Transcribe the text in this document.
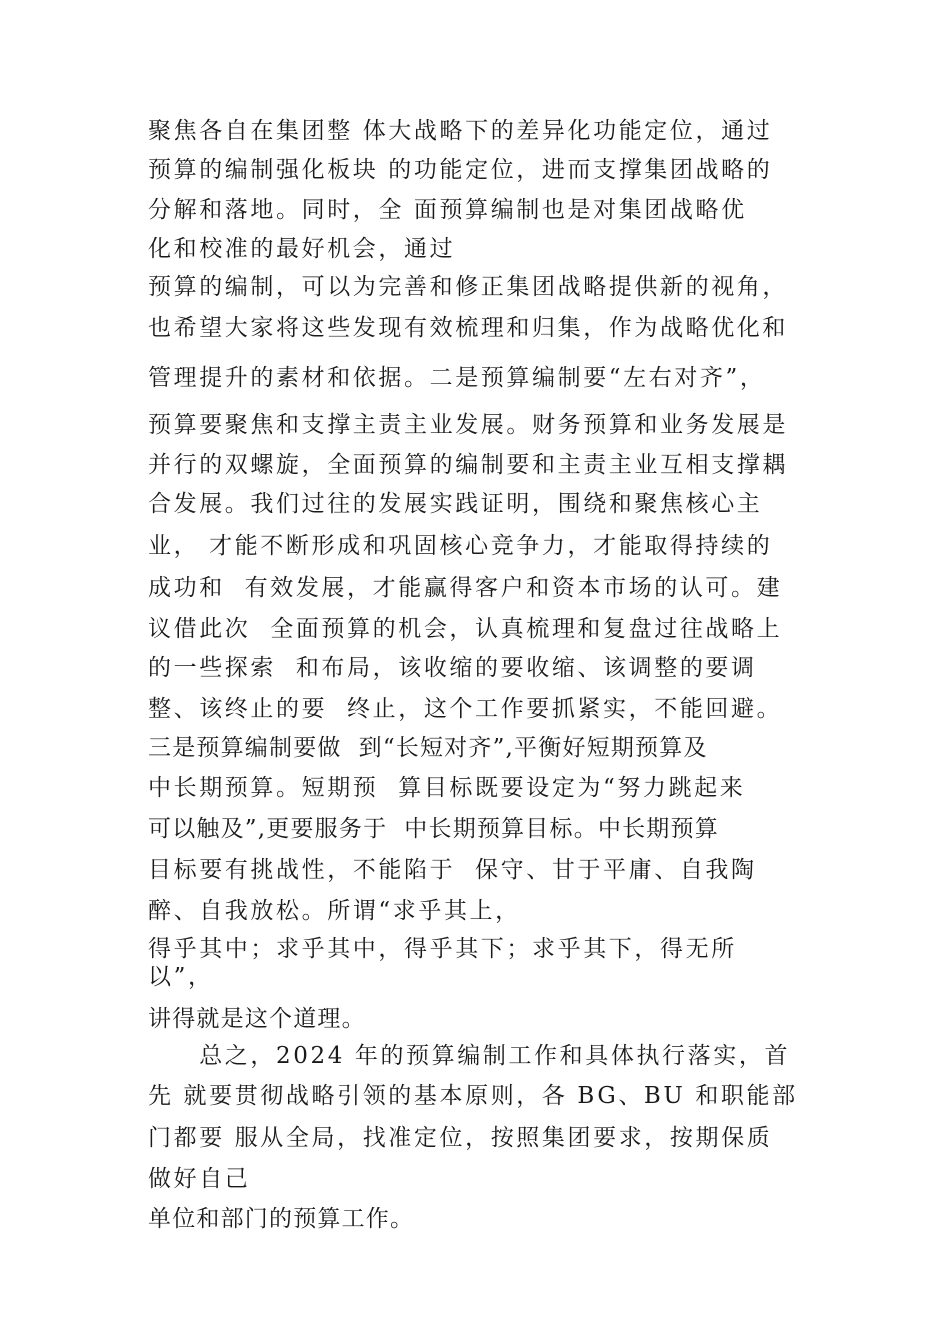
聚焦各自在集团整 体大战略下的差异化功能定位，通过
预算的编制强化板块 的功能定位，进而支撑集团战略的
分解和落地。同时，全 面预算编制也是对集团战略优
化和校准的最好机会，通过
预算的编制，可以为完善和修正集团战略提供新的视角，
也希望大家将这些发现有效梳理和归集，作为战略优化和
管理提升的素材和依据。二是预算编制要“左右对齐”，
预算要聚焦和支撑主责主业发展。财务预算和业务发展是
并行的双螺旋，全面预算的编制要和主责主业互相支撑耦
合发展。我们过往的发展实践证明，围绕和聚焦核心主
业， 才能不断形成和巩固核心竞争力，才能取得持续的
成功和  有效发展，才能赢得客户和资本市场的认可。建
议借此次  全面预算的机会，认真梳理和复盘过往战略上
的一些探索  和布局，该收缩的要收缩、该调整的要调
整、该终止的要  终止，这个工作要抓紧实，不能回避。
三是预算编制要做  到“长短对齐”,平衡好短期预算及
中长期预算。短期预  算目标既要设定为“努力跳起来
可以触及”,更要服务于  中长期预算目标。中长期预算
目标要有挑战性，不能陷于  保守、甘于平庸、自我陶
醉、自我放松。所谓“求乎其上，
得乎其中；求乎其中，得乎其下；求乎其下，得无所
以”，
讲得就是这个道理。
　　总之，2024 年的预算编制工作和具体执行落实，首
先 就要贯彻战略引领的基本原则，各 BG、BU 和职能部
门都要 服从全局，找准定位，按照集团要求，按期保质
做好自己
单位和部门的预算工作。
